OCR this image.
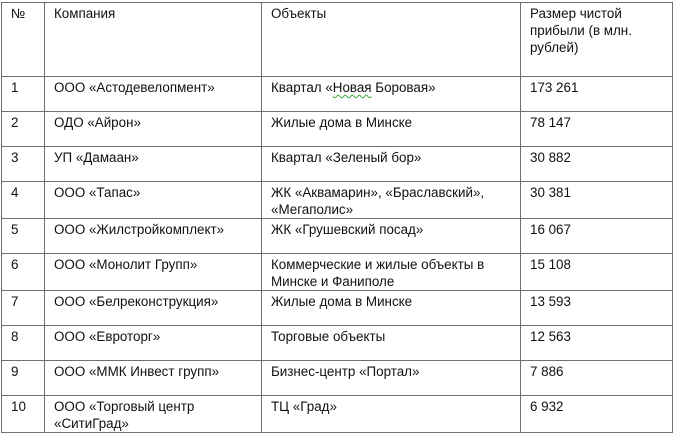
№	Компания	Объекты	Размер чистой прибыли (в млн. рублей)
1	ООО «Астодевелопмент»	Квартал «Новая Боровая»	173 261
2	ОДО «Айрон»	Жилые дома в Минске	78 147
3	УП «Дамаан»	Квартал «Зеленый бор»	30 882
4	ООО «Тапас»	ЖК «Аквамарин», «Браславский», «Мегаполис»	30 381
5	ООО «Жилстройкомплект»	ЖК «Грушевский посад»	16 067
6	ООО «Монолит Групп»	Коммерческие и жилые объекты в Минске и Фаниполе	15 108
7	ООО «Белреконструкция»	Жилые дома в Минске	13 593
8	ООО «Евроторг»	Торговые объекты	12 563
9	ООО «ММК Инвест групп»	Бизнес-центр «Портал»	7 886
10	ООО «Торговый центр «СитиГрад»	ТЦ «Град»	6 932
